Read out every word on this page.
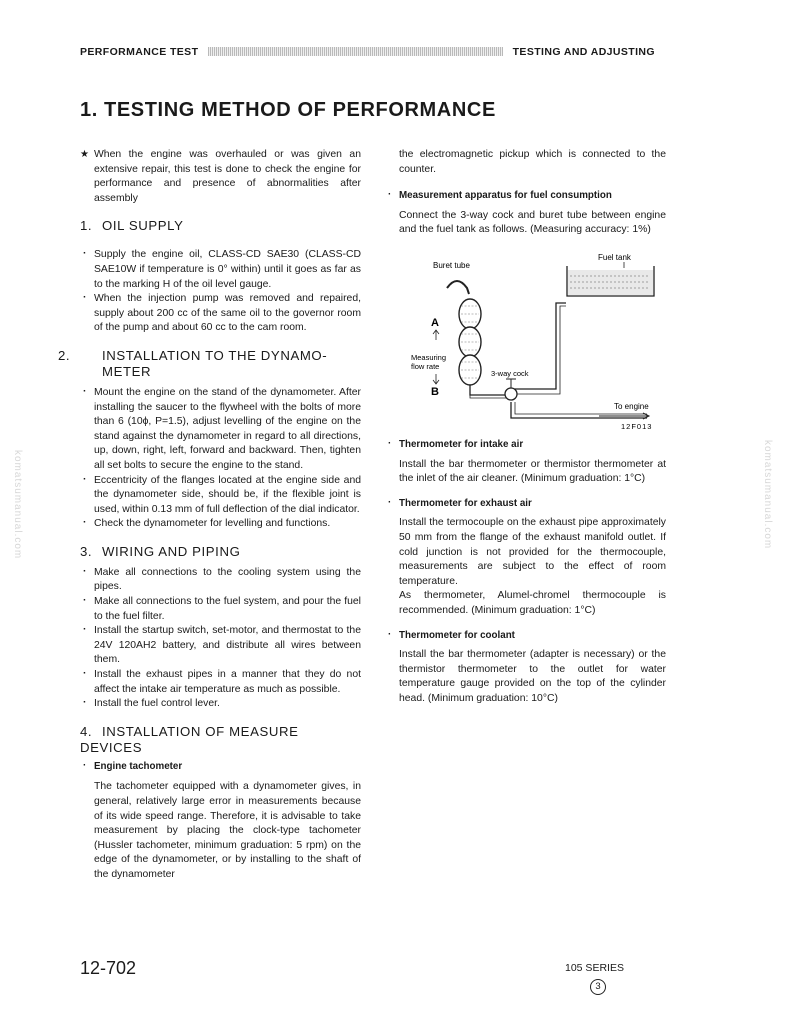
PERFORMANCE TEST	TESTING AND ADJUSTING
1. TESTING METHOD OF PERFORMANCE
★ When the engine was overhauled or was given an extensive repair, this test is done to check the engine for performance and presence of abnormalities after assembly
1. OIL SUPPLY
· Supply the engine oil, CLASS-CD SAE30 (CLASS-CD SAE10W if temperature is 0° within) until it goes as far as to the marking H of the oil level gauge.
· When the injection pump was removed and repaired, supply about 200 cc of the same oil to the governor room of the pump and about 60 cc to the cam room.
2. INSTALLATION TO THE DYNAMO-METER
· Mount the engine on the stand of the dynamometer. After installing the saucer to the flywheel with the bolts of more than 6 (10ϕ, P=1.5), adjust levelling of the engine on the stand against the dynamometer in regard to all directions, up, down, right, left, forward and backward. Then, tighten all set bolts to secure the engine to the stand.
· Eccentricity of the flanges located at the engine side and the dynamometer side, should be, if the flexible joint is used, within 0.13 mm of full deflection of the dial indicator.
· Check the dynamometer for levelling and functions.
3. WIRING AND PIPING
· Make all connections to the cooling system using the pipes.
· Make all connections to the fuel system, and pour the fuel to the fuel filter.
· Install the startup switch, set-motor, and thermostat to the 24V 120AH2 battery, and distribute all wires between them.
· Install the exhaust pipes in a manner that they do not affect the intake air temperature as much as possible.
· Install the fuel control lever.
4. INSTALLATION OF MEASURE DEVICES
· Engine tachometer
The tachometer equipped with a dynamometer gives, in general, relatively large error in measurements because of its wide speed range. Therefore, it is advisable to take measurement by placing the clock-type tachometer (Hussler tachometer, minimum graduation: 5 rpm) on the edge of the dynamometer, or by installing to the shaft of the dynamometer
the electromagnetic pickup which is connected to the counter.
· Measurement apparatus for fuel consumption
Connect the 3-way cock and buret tube between engine and the fuel tank as follows. (Measuring accuracy: 1%)
Fuel tank
Buret tube
A
Measuring
flow rate
B
3-way cock
To engine
12F013
· Thermometer for intake air
Install the bar thermometer or thermistor thermometer at the inlet of the air cleaner. (Minimum graduation: 1°C)
· Thermometer for exhaust air
Install the termocouple on the exhaust pipe approximately 50 mm from the flange of the exhaust manifold outlet. If cold junction is not provided for the thermocouple, measurements are subject to the effect of room temperature.
As thermometer, Alumel-chromel thermocouple is recommended. (Minimum graduation: 1°C)
· Thermometer for coolant
Install the bar thermometer (adapter is necessary) or the thermistor thermometer to the outlet for water temperature gauge provided on the top of the cylinder head. (Minimum graduation: 10°C)
12-702	105 SERIES
3
komatsumanual.com	komatsumanual.com
